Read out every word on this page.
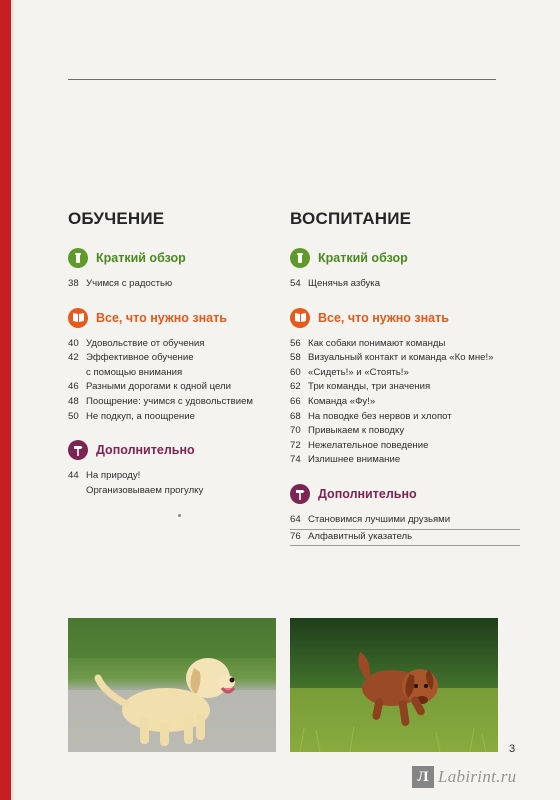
ОБУЧЕНИЕ
Краткий обзор
38 Учимся с радостью
Все, что нужно знать
40 Удовольствие от обучения
42 Эффективное обучение
с помощью внимания
46 Разными дорогами к одной цели
48 Поощрение: учимся с удовольствием
50 Не подкуп, а поощрение
Дополнительно
44 На природу!
Организовываем прогулку
ВОСПИТАНИЕ
Краткий обзор
54 Щенячья азбука
Все, что нужно знать
56 Как собаки понимают команды
58 Визуальный контакт и команда «Ко мне!»
60 «Сидеть!» и «Стоять!»
62 Три команды, три значения
66 Команда «Фу!»
68 На поводке без нервов и хлопот
70 Привыкаем к поводку
72 Нежелательное поведение
74 Излишнее внимание
Дополнительно
64 Становимся лучшими друзьями
76 Алфавитный указатель
3
Л Labirint.ru
